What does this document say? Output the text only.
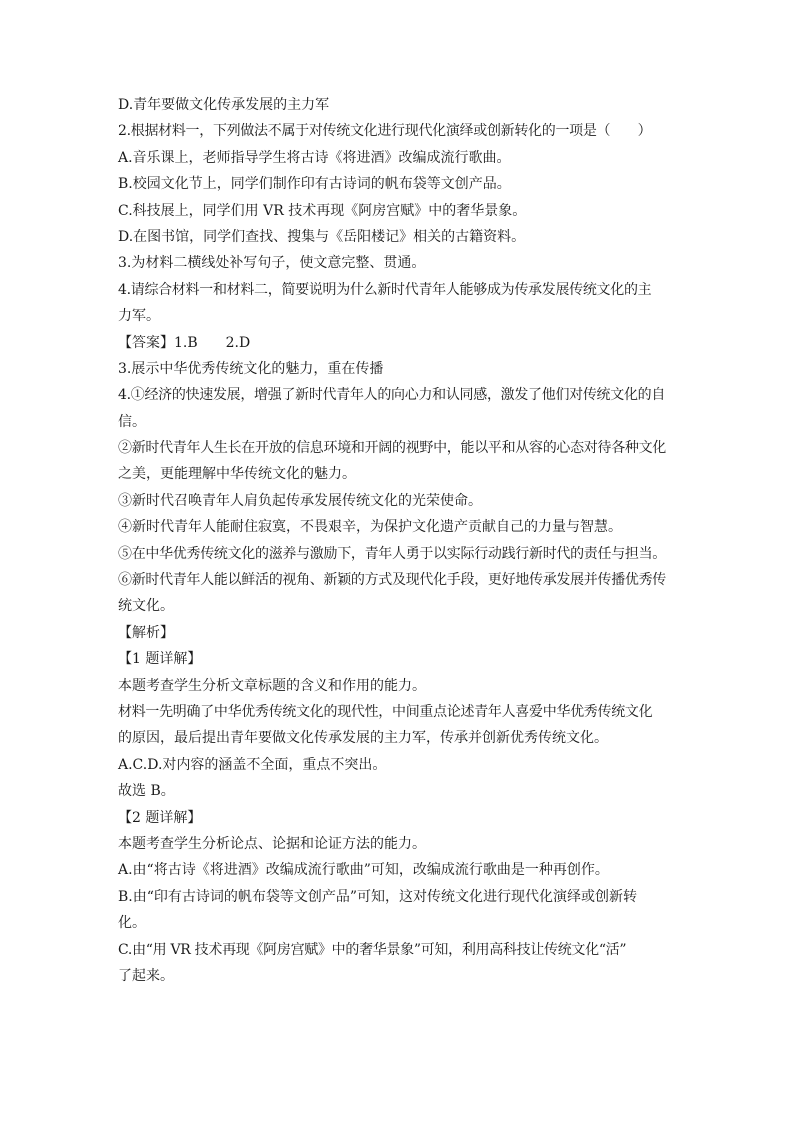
D.青年要做文化传承发展的主力军
2.根据材料一，下列做法不属于对传统文化进行现代化演绎或创新转化的一项是（　　）
A.音乐课上，老师指导学生将古诗《将进酒》改编成流行歌曲。
B.校园文化节上，同学们制作印有古诗词的帆布袋等文创产品。
C.科技展上，同学们用 VR 技术再现《阿房宫赋》中的奢华景象。
D.在图书馆，同学们查找、搜集与《岳阳楼记》相关的古籍资料。
3.为材料二横线处补写句子，使文意完整、贯通。
4.请综合材料一和材料二，简要说明为什么新时代青年人能够成为传承发展传统文化的主
力军。
【答案】1.B　　2.D
3.展示中华优秀传统文化的魅力，重在传播
4.①经济的快速发展，增强了新时代青年人的向心力和认同感，激发了他们对传统文化的自
信。
②新时代青年人生长在开放的信息环境和开阔的视野中，能以平和从容的心态对待各种文化
之美，更能理解中华传统文化的魅力。
③新时代召唤青年人肩负起传承发展传统文化的光荣使命。
④新时代青年人能耐住寂寞，不畏艰辛，为保护文化遗产贡献自己的力量与智慧。
⑤在中华优秀传统文化的滋养与激励下，青年人勇于以实际行动践行新时代的责任与担当。
⑥新时代青年人能以鲜活的视角、新颖的方式及现代化手段，更好地传承发展并传播优秀传
统文化。
【解析】
【1 题详解】
本题考查学生分析文章标题的含义和作用的能力。
材料一先明确了中华优秀传统文化的现代性，中间重点论述青年人喜爱中华优秀传统文化
的原因，最后提出青年要做文化传承发展的主力军，传承并创新优秀传统文化。
A.C.D.对内容的涵盖不全面，重点不突出。
故选 B。
【2 题详解】
本题考查学生分析论点、论据和论证方法的能力。
A.由“将古诗《将进酒》改编成流行歌曲”可知，改编成流行歌曲是一种再创作。
B.由“印有古诗词的帆布袋等文创产品”可知，这对传统文化进行现代化演绎或创新转
化。
C.由“用 VR 技术再现《阿房宫赋》中的奢华景象”可知，利用高科技让传统文化“活”
了起来。
